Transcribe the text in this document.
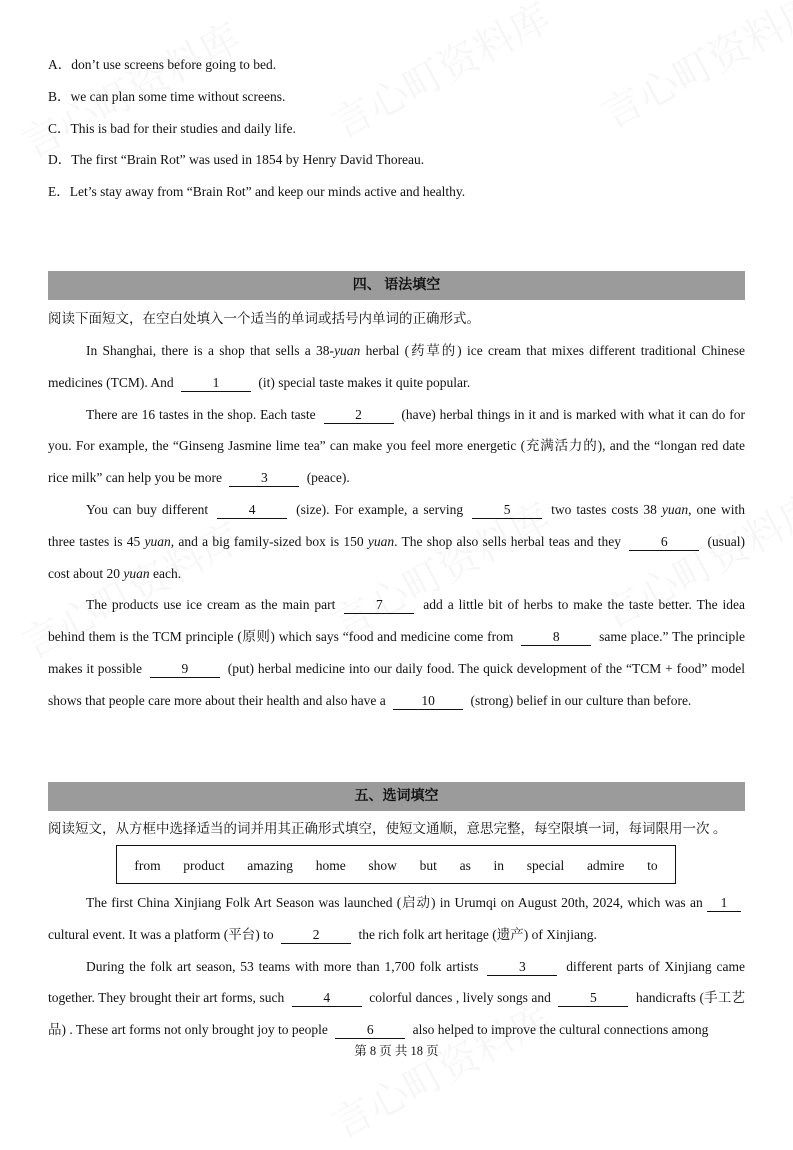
A．don’t use screens before going to bed.
B．we can plan some time without screens.
C．This is bad for their studies and daily life.
D．The first “Brain Rot” was used in 1854 by Henry David Thoreau.
E．Let’s stay away from “Brain Rot” and keep our minds active and healthy.
四、 语法填空
阅读下面短文，在空白处填入一个适当的单词或括号内单词的正确形式。
In Shanghai, there is a shop that sells a 38-yuan herbal (药草的) ice cream that mixes different traditional Chinese medicines (TCM). And	1	(it) special taste makes it quite popular.
There are 16 tastes in the shop. Each taste	2	(have) herbal things in it and is marked with what it can do for you. For example, the “Ginseng Jasmine lime tea” can make you feel more energetic (充满活力的), and the “longan red date rice milk” can help you be more	3	(peace).
You can buy different	4	(size). For example, a serving	5	two tastes costs 38 yuan, one with three tastes is 45 yuan, and a big family-sized box is 150 yuan. The shop also sells herbal teas and they	6	(usual) cost about 20 yuan each.
The products use ice cream as the main part	7	add a little bit of herbs to make the taste better. The idea behind them is the TCM principle (原则) which says “food and medicine come from	8	same place.” The principle makes it possible	9	(put) herbal medicine into our daily food. The quick development of the “TCM + food” model shows that people care more about their health and also have a 10 (strong) belief in our culture than before.
五、选词填空
阅读短文，从方框中选择适当的词并用其正确形式填空，使短文通顺，意思完整，每空限填一词，每词限用一次 。
from product amazing home show but as in special admire to
The first China Xinjiang Folk Art Season was launched (启动) in Urumqi on August 20th, 2024, which was an 1 cultural event. It was a platform (平台) to	2	the rich folk art heritage (遗产) of Xinjiang.
During the folk art season, 53 teams with more than 1,700 folk artists	3	different parts of Xinjiang came together. They brought their art forms, such	4	colorful dances , lively songs and	5	handicrafts (手工艺品) . These art forms not only brought joy to people	6	also helped to improve the cultural connections among
第 8 页 共 18 页
